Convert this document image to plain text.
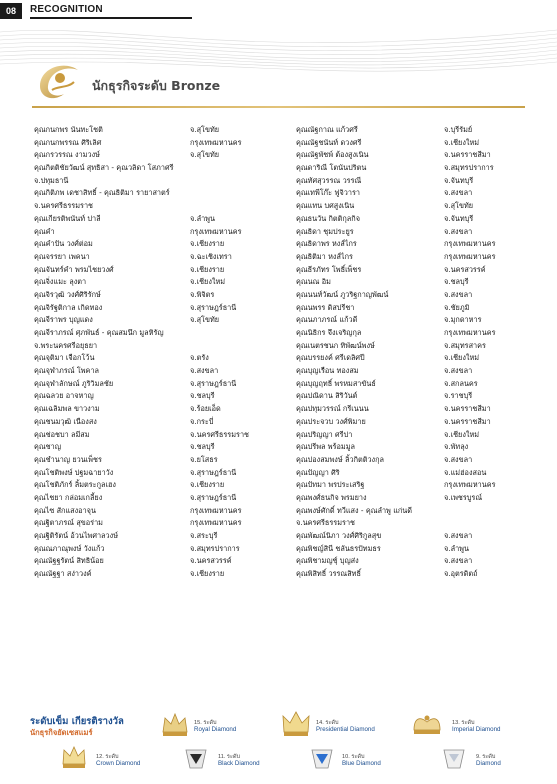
08	RECOGNITION
นักธุรกิจระดับ Bronze
คุณกนกพร นันทะโชติ	จ.สุโขทัย
คุณกนกพรรณ ศิริเลิศ	กรุงเทพมหานคร
คุณกรวรรณ งามวงษ์	จ.สุโขทัย
คุณกิตติชัยวัฒน์ สุทธิสา - คุณวลิดา โสภาศรี
จ.ปทุมธานี
คุณกิติภพ เดชาสิทธิ์ - คุณธิติมา รายาสาตร์
จ.นครศรีธรรมราช
คุณเกียรติพนันท์ ปาลี	จ.ลำพูน
คุณคำ	กรุงเทพมหานคร
คุณคำปัน วงศ์ต่อม	จ.เชียงราย
คุณจรรยา เพคนา	จ.ฉะเชิงเทรา
คุณจันทร์คำ พรมไชยวงศ์	จ.เชียงราย
คุณจิ่งแมะ ลุงตา	จ.เชียงใหม่
คุณจิรวุฒิ วงศ์ศิริรักษ์	จ.พิจิตร
คุณจิรัฐติกาล เกิดทอง	จ.สุราษฎร์ธานี
คุณจีราพร บุญแดง	จ.สุโขทัย
คุณจีราภรณ์ ศุภพันธ์ - คุณสมนึก มูลหิรัญ
จ.พระนครศรีอยุธยา
คุณจุติมา เจือกโว้น	จ.ตรัง
คุณจุฬาภรณ์ โพคาล	จ.สงขลา
คุณจุฬาลักษณ์ ภูริวิมลชัย	จ.สุราษฎร์ธานี
คุณฉลวย อาจหาญ	จ.ชลบุรี
คุณเฉลิมพล ขาวงาม	จ.ร้อยเอ็ด
คุณชนมวุฒิ เนืองสง	จ.กระบี่
คุณช่อชบา ลมีสม	จ.นครศรีธรรมราช
คุณชาญ	จ.ชลบุรี
คุณชำนาญ ยวนเพ็ชร	จ.ยโสธร
คุณโชติพงษ์ ปฐมฉายาวัง	จ.สุราษฎร์ธานี
คุณโชติภักร์ ลิ้มตระกูลเฮง	จ.เชียงราย
คุณไชยา กล่อมเกลี้ยง	จ.สุราษฎร์ธานี
คุณไซ สักแสงอาจุน	กรุงเทพมหานคร
คุณฐิตาภรณ์ สุขอร่าม	กรุงเทพมหานคร
คุณฐิติรัตน์ อ้วนไพศาลวงษ์	จ.สระบุรี
คุณณภาณุพงษ์ วังแก้ว	จ.สมุทรปราการ
คุณณัฐฐรัตน์ สิทธิน้อย	จ.นครสวรรค์
คุณณัฐฐา สง่าวงค์	จ.เชียงราย
คุณณัฐกาณ แก้วศรี	จ.บุรีรัมย์
คุณณัฐชนันท์ ดวงศรี	จ.เชียงใหม่
คุณณัฐพัชพ์ ต้องสูงเนิน	จ.นครราชสีมา
คุณดาริณี โตนันปริตน	จ.สมุทรปราการ
คุณทัศสุวรรณ วรรณี	จ.จันทบุรี
คุณเทพีโก๊ะ ฟูจิวารา	จ.สงขลา
คุณแทน บศสูงเนิน	จ.สุโขทัย
คุณธนวัน กิตติกุลกิจ	จ.จันทบุรี
คุณธิดา ชุมประยูร	จ.สงขลา
คุณธิดาพร หงส์ไกร	กรุงเทพมหานคร
คุณธิติมา หงส์ไกร	กรุงเทพมหานคร
คุณธีรภัทร โพธิ์เพ็ชร	จ.นครสวรรค์
คุณนณ อิม	จ.ชลบุรี
คุณนนท์วัฒน์ ภูวริฐกาญพัฒน์	จ.สงขลา
คุณนพรร ดิสปรีชา	จ.ชัยภูมิ
คุณนภาภรณ์ แก้วดี	จ.มุกดาหาร
คุณนิธิกร จึงเจริญกุล	กรุงเทพมหานคร
คุณเนตรชนก ทิพัฒน์พงษ์	จ.สมุทรสาคร
คุณบรรยงค์ ศรีเดลิศปี	จ.เชียงใหม่
คุณบุญเรือน ทองสม	จ.สงขลา
คุณบุญฤทธิ์ พรหมสาขันธ์	จ.สกลนคร
คุณปณิดาน สิริวันต์	จ.ราชบุรี
คุณปทุมวรรณ์ กรีเนนน	จ.นครราชสีมา
คุณประจวบ วงศ์พิมาย	จ.นครราชสีมา
คุณปริญญา ศรีปา	จ.เชียงใหม่
คุณปรีพล พร้อมมูล	จ.พัทลุง
คุณปองสมพงษ์ ลิ้วกิตติวงกุล	จ.สงขลา
คุณปัญญา ศิริ	จ.แม่ฮ่องสอน
คุณปัทมา พรประเสริฐ	กรุงเทพมหานคร
คุณพงศ์ธนกิจ พรมยาง	จ.เพชรบูรณ์
คุณพงษ์ศักดิ์ ทวีแสง - คุณลำพู แก่นดี
จ.นครศรีธรรมราช
คุณพัฒณ์นิภา วงศ์ศิริกูลสุข	จ.สงขลา
คุณพิชญ์สินี ชลันธรปัทมธร	จ.ลำพูน
คุณพิชามญชุ์ บุญส่ง	จ.สงขลา
คุณพิสิทธิ์ วรรณสิทธิ์	จ.อุตรดิตถ์
ระดับเข็ม เกียรติรางวัล
นักธุรกิจยัดเซสแมร์
15. ระดับ
Royal Diamond
14. ระดับ
Presidential Diamond
13. ระดับ
Imperial Diamond
12. ระดับ
Crown Diamond
11. ระดับ
Black Diamond
10. ระดับ
Blue Diamond
9. ระดับ
Diamond
